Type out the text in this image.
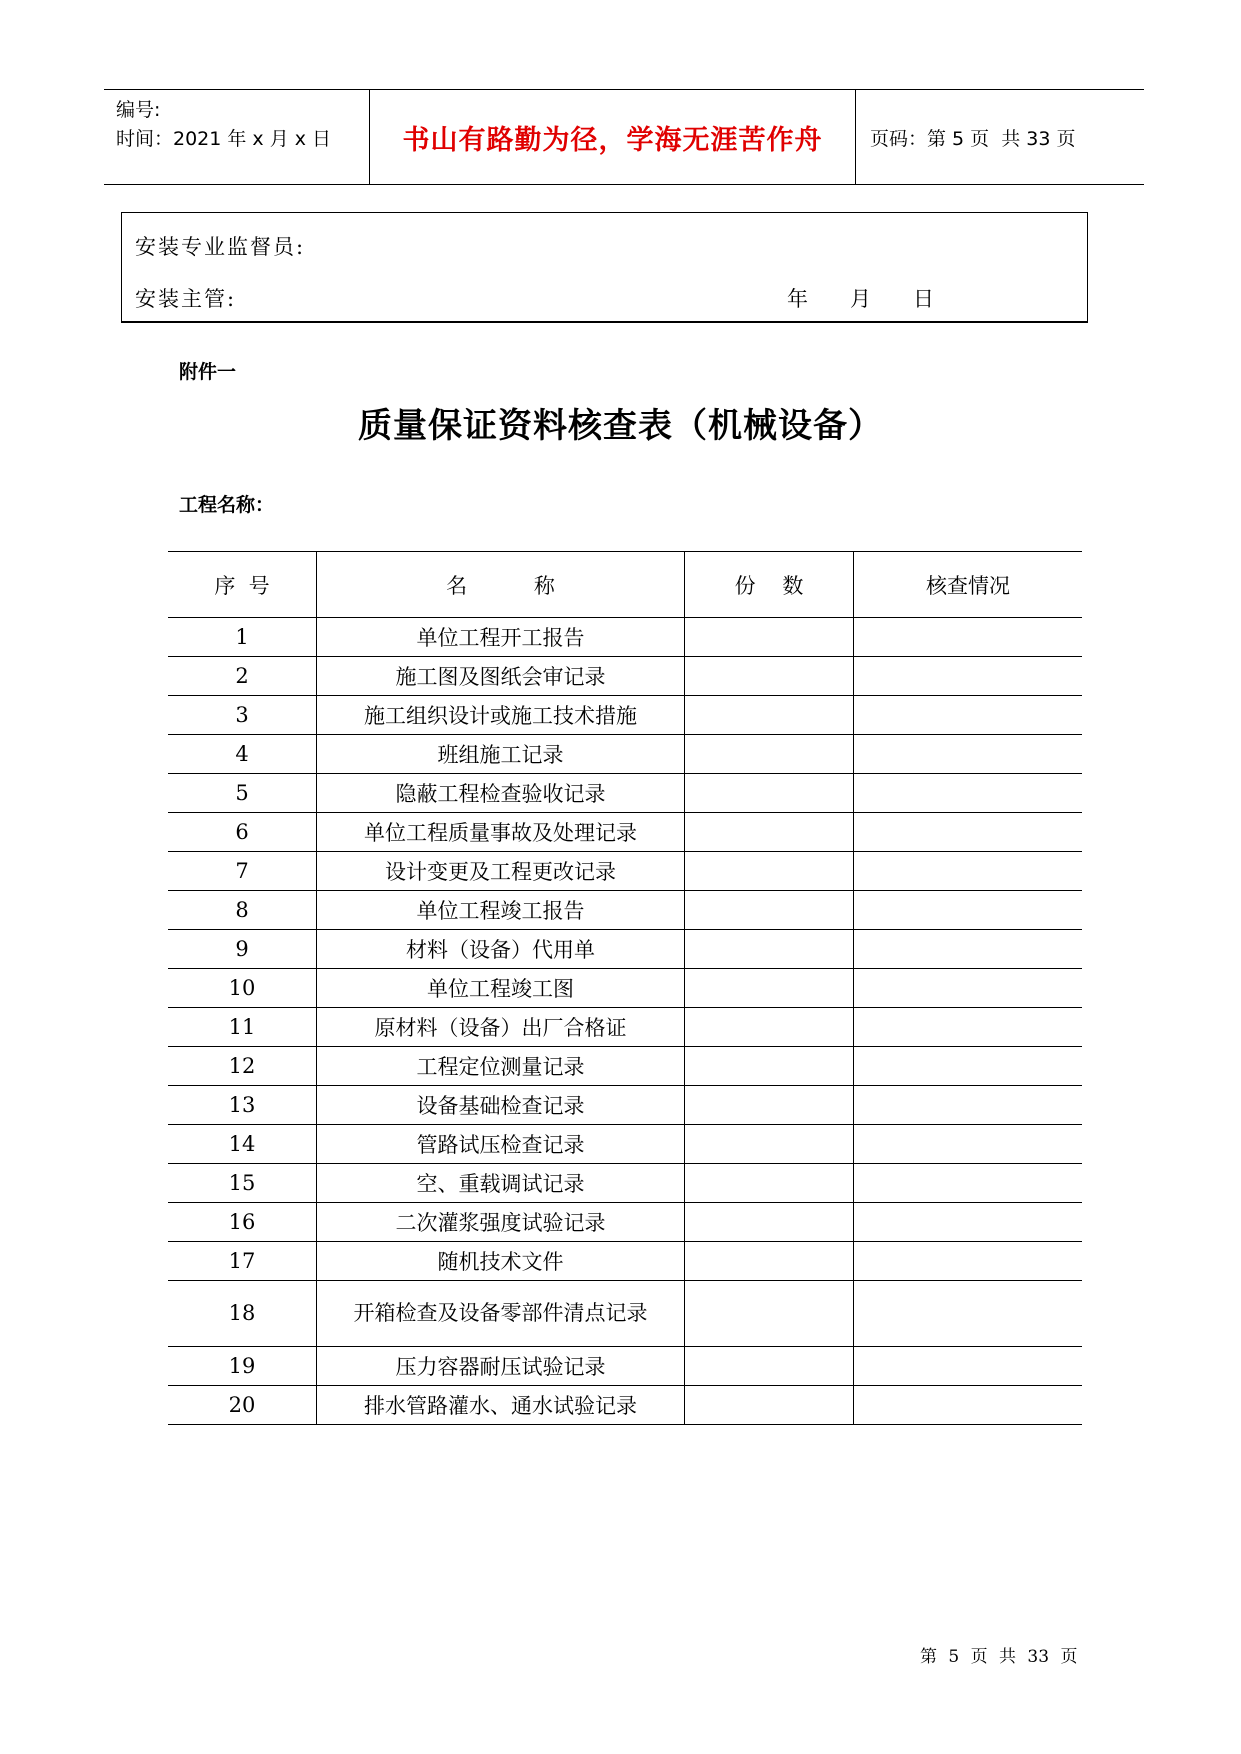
编号:
时间：2021 年 x 月 x 日	书山有路勤为径，学海无涯苦作舟	页码：第 5 页  共 33 页
安装专业监督员:
安装主管:	年 月 日
附件一
质量保证资料核查表（机械设备）
工程名称：
序  号	名          称	份    数	核查情况
1	单位工程开工报告		
2	施工图及图纸会审记录		
3	施工组织设计或施工技术措施		
4	班组施工记录		
5	隐蔽工程检查验收记录		
6	单位工程质量事故及处理记录		
7	设计变更及工程更改记录		
8	单位工程竣工报告		
9	材料（设备）代用单		
10	单位工程竣工图		
11	原材料（设备）出厂合格证		
12	工程定位测量记录		
13	设备基础检查记录		
14	管路试压检查记录		
15	空、重载调试记录		
16	二次灌浆强度试验记录		
17	随机技术文件		
18	开箱检查及设备零部件清点记录		
19	压力容器耐压试验记录		
20	排水管路灌水、通水试验记录		
第 5 页 共 33 页
